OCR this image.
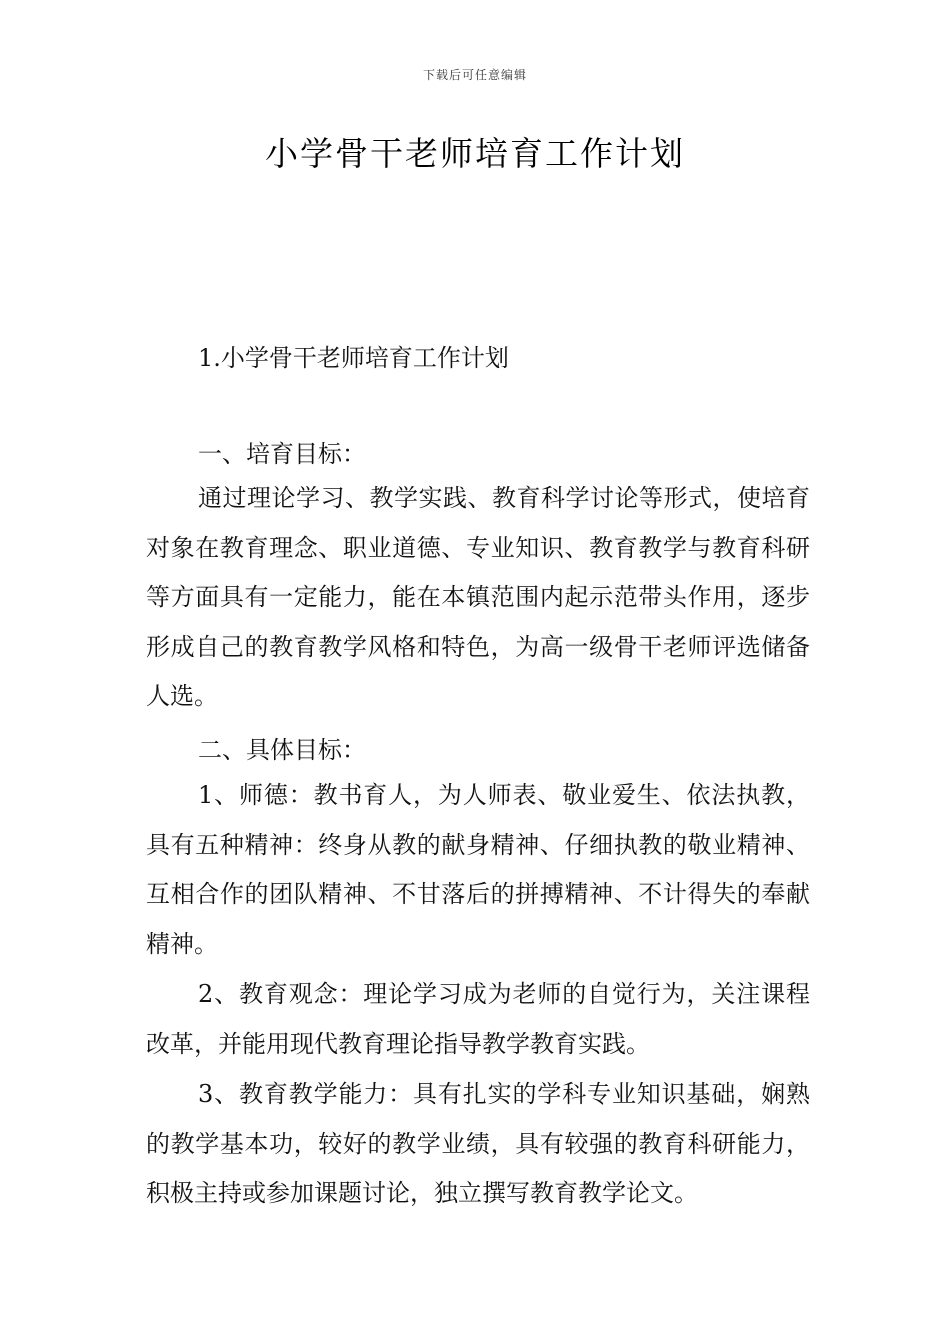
下载后可任意编辑
小学骨干老师培育工作计划
1.小学骨干老师培育工作计划
一、培育目标：

通过理论学习、教学实践、教育科学讨论等形式，使培育对象在教育理念、职业道德、专业知识、教育教学与教育科研等方面具有一定能力，能在本镇范围内起示范带头作用，逐步形成自己的教育教学风格和特色，为高一级骨干老师评选储备人选。

二、具体目标：

1、师德：教书育人，为人师表、敬业爱生、依法执教，具有五种精神：终身从教的献身精神、仔细执教的敬业精神、互相合作的团队精神、不甘落后的拼搏精神、不计得失的奉献精神。

2、教育观念：理论学习成为老师的自觉行为，关注课程改革，并能用现代教育理论指导教学教育实践。

3、教育教学能力：具有扎实的学科专业知识基础，娴熟的教学基本功，较好的教学业绩，具有较强的教育科研能力，积极主持或参加课题讨论，独立撰写教育教学论文。
